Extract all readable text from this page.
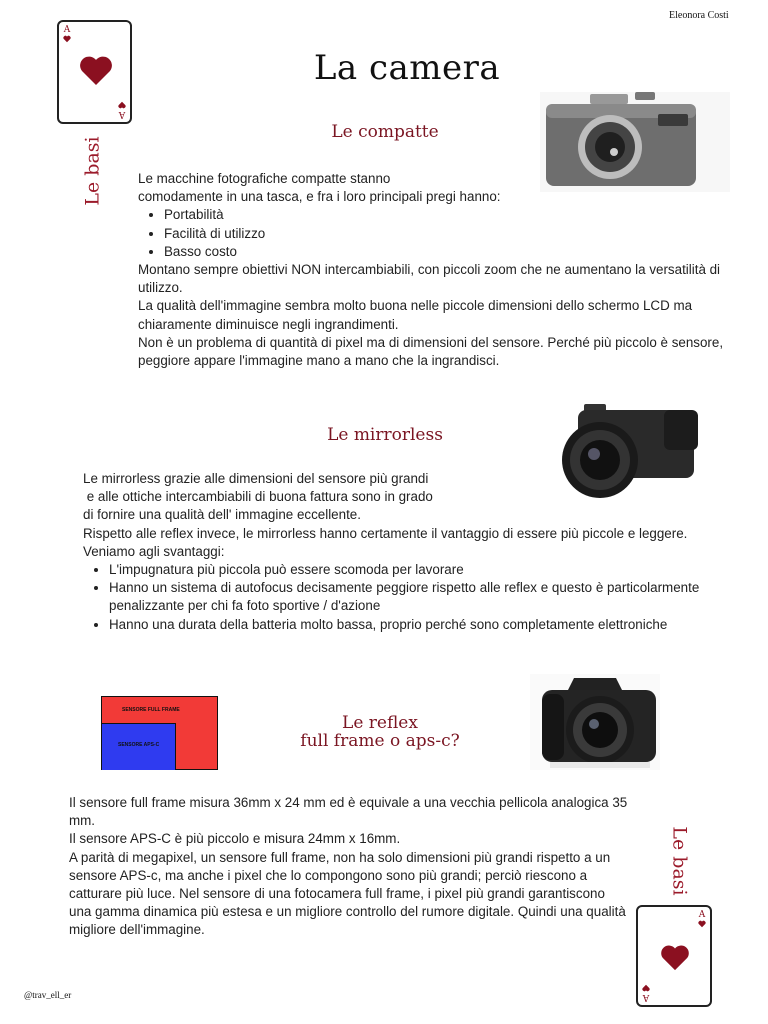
Eleonora Costi
La camera
A
A
Le basi
Le compatte

Le macchine fotografiche compatte stanno

comodamente in una tasca, e fra i loro principali pregi hanno:

• Portabilità
• Facilità di utilizzo
• Basso costo

Montano sempre obiettivi NON intercambiabili, con piccoli zoom che ne aumentano la versatilità di utilizzo.

La qualità dell'immagine sembra molto buona nelle piccole dimensioni dello schermo LCD ma chiaramente diminuisce negli ingrandimenti.

Non è un problema di quantità di pixel ma di dimensioni del sensore. Perché più piccolo è sensore, peggiore appare l'immagine mano a mano che la ingrandisci.

Le mirrorless

Le mirrorless grazie alle dimensioni del sensore più grandi

e alle ottiche intercambiabili di buona fattura sono in grado

di fornire una qualità dell' immagine eccellente.

Rispetto alle reflex invece, le mirrorless hanno certamente il vantaggio di essere più piccole e leggere.

Veniamo agli svantaggi:

• L'impugnatura più piccola può essere scomoda per lavorare
• Hanno un sistema di autofocus decisamente peggiore rispetto alle reflex e questo è particolarmente penalizzante per chi fa foto sportive / d'azione
• Hanno una durata della batteria molto bassa, proprio perché sono completamente elettroniche
SENSORE FULL FRAME
SENSORE APS-C
Le reflex
full frame o aps-c?

Il sensore full frame misura 36mm x 24 mm ed è equivale a una vecchia pellicola analogica 35 mm.

Il sensore APS-C è più piccolo e misura 24mm x 16mm.

A parità di megapixel, un sensore full frame, non ha solo dimensioni più grandi rispetto a un sensore APS-c, ma anche i pixel che lo compongono sono più grandi; perciò riescono a catturare più luce. Nel sensore di una fotocamera full frame, i pixel più grandi garantiscono una gamma dinamica più estesa e un migliore controllo del rumore digitale. Quindi una qualità migliore dell'immagine.

Le basi
A
A
@trav_ell_er
